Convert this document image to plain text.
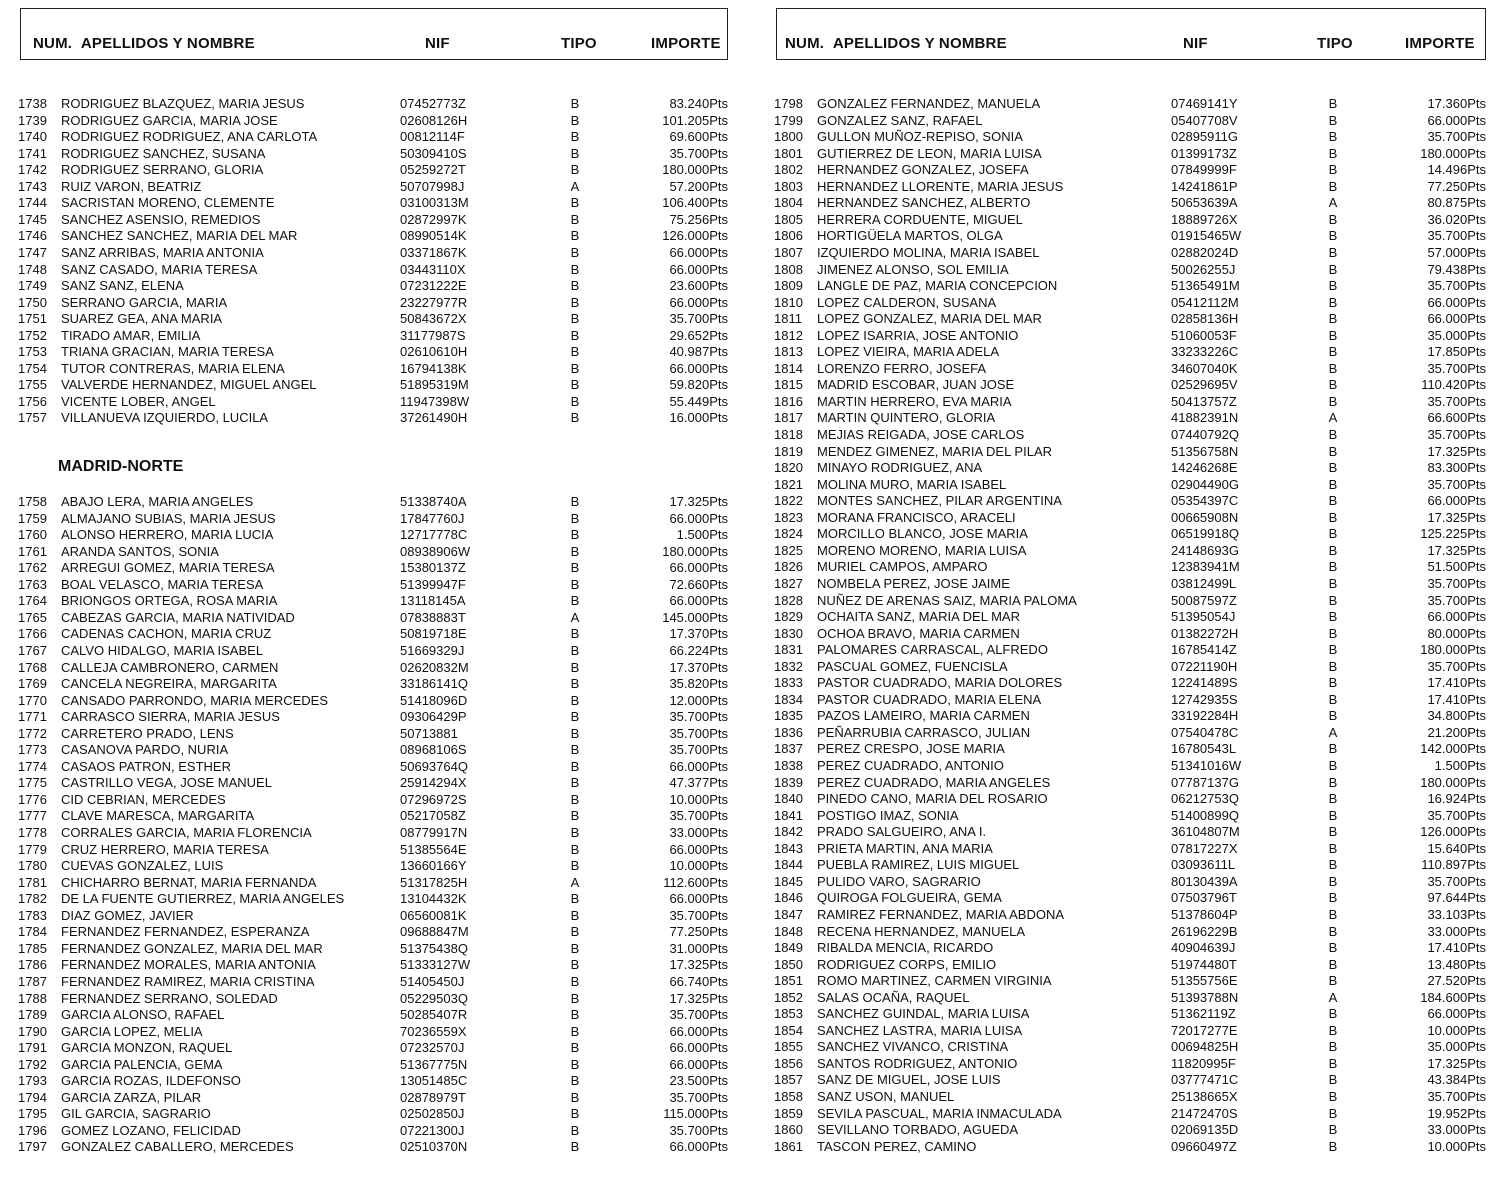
NUM. APELLIDOS Y NOMBRE	NIF	TIPO	IMPORTE
1738	RODRIGUEZ BLAZQUEZ, MARIA JESUS	07452773Z	B	83.240Pts
1739	RODRIGUEZ GARCIA, MARIA JOSE	02608126H	B	101.205Pts
1740	RODRIGUEZ RODRIGUEZ, ANA CARLOTA	00812114F	B	69.600Pts
1741	RODRIGUEZ SANCHEZ, SUSANA	50309410S	B	35.700Pts
1742	RODRIGUEZ SERRANO, GLORIA	05259272T	B	180.000Pts
1743	RUIZ VARON, BEATRIZ	50707998J	A	57.200Pts
1744	SACRISTAN MORENO, CLEMENTE	03100313M	B	106.400Pts
1745	SANCHEZ ASENSIO, REMEDIOS	02872997K	B	75.256Pts
1746	SANCHEZ SANCHEZ, MARIA DEL MAR	08990514K	B	126.000Pts
1747	SANZ ARRIBAS, MARIA ANTONIA	03371867K	B	66.000Pts
1748	SANZ CASADO, MARIA TERESA	03443110X	B	66.000Pts
1749	SANZ SANZ, ELENA	07231222E	B	23.600Pts
1750	SERRANO GARCIA, MARIA	23227977R	B	66.000Pts
1751	SUAREZ GEA, ANA MARIA	50843672X	B	35.700Pts
1752	TIRADO AMAR, EMILIA	31177987S	B	29.652Pts
1753	TRIANA GRACIAN, MARIA TERESA	02610610H	B	40.987Pts
1754	TUTOR CONTRERAS, MARIA ELENA	16794138K	B	66.000Pts
1755	VALVERDE HERNANDEZ, MIGUEL ANGEL	51895319M	B	59.820Pts
1756	VICENTE LOBER, ANGEL	11947398W	B	55.449Pts
1757	VILLANUEVA IZQUIERDO, LUCILA	37261490H	B	16.000Pts
MADRID-NORTE
1758	ABAJO LERA, MARIA ANGELES	51338740A	B	17.325Pts
1759	ALMAJANO SUBIAS, MARIA JESUS	17847760J	B	66.000Pts
1760	ALONSO HERRERO, MARIA LUCIA	12717778C	B	1.500Pts
1761	ARANDA SANTOS, SONIA	08938906W	B	180.000Pts
1762	ARREGUI GOMEZ, MARIA TERESA	15380137Z	B	66.000Pts
1763	BOAL VELASCO, MARIA TERESA	51399947F	B	72.660Pts
1764	BRIONGOS ORTEGA, ROSA MARIA	13118145A	B	66.000Pts
1765	CABEZAS GARCIA, MARIA NATIVIDAD	07838883T	A	145.000Pts
1766	CADENAS CACHON, MARIA CRUZ	50819718E	B	17.370Pts
1767	CALVO HIDALGO, MARIA ISABEL	51669329J	B	66.224Pts
1768	CALLEJA CAMBRONERO, CARMEN	02620832M	B	17.370Pts
1769	CANCELA NEGREIRA, MARGARITA	33186141Q	B	35.820Pts
1770	CANSADO PARRONDO, MARIA MERCEDES	51418096D	B	12.000Pts
1771	CARRASCO SIERRA, MARIA JESUS	09306429P	B	35.700Pts
1772	CARRETERO PRADO, LENS	50713881	B	35.700Pts
1773	CASANOVA PARDO, NURIA	08968106S	B	35.700Pts
1774	CASAOS PATRON, ESTHER	50693764Q	B	66.000Pts
1775	CASTRILLO VEGA, JOSE MANUEL	25914294X	B	47.377Pts
1776	CID CEBRIAN, MERCEDES	07296972S	B	10.000Pts
1777	CLAVE MARESCA, MARGARITA	05217058Z	B	35.700Pts
1778	CORRALES GARCIA, MARIA FLORENCIA	08779917N	B	33.000Pts
1779	CRUZ HERRERO, MARIA TERESA	51385564E	B	66.000Pts
1780	CUEVAS GONZALEZ, LUIS	13660166Y	B	10.000Pts
1781	CHICHARRO BERNAT, MARIA FERNANDA	51317825H	A	112.600Pts
1782	DE LA FUENTE GUTIERREZ, MARIA ANGELES	13104432K	B	66.000Pts
1783	DIAZ GOMEZ, JAVIER	06560081K	B	35.700Pts
1784	FERNANDEZ FERNANDEZ, ESPERANZA	09688847M	B	77.250Pts
1785	FERNANDEZ GONZALEZ, MARIA DEL MAR	51375438Q	B	31.000Pts
1786	FERNANDEZ MORALES, MARIA ANTONIA	51333127W	B	17.325Pts
1787	FERNANDEZ RAMIREZ, MARIA CRISTINA	51405450J	B	66.740Pts
1788	FERNANDEZ SERRANO, SOLEDAD	05229503Q	B	17.325Pts
1789	GARCIA ALONSO, RAFAEL	50285407R	B	35.700Pts
1790	GARCIA LOPEZ, MELIA	70236559X	B	66.000Pts
1791	GARCIA MONZON, RAQUEL	07232570J	B	66.000Pts
1792	GARCIA PALENCIA, GEMA	51367775N	B	66.000Pts
1793	GARCIA ROZAS, ILDEFONSO	13051485C	B	23.500Pts
1794	GARCIA ZARZA, PILAR	02878979T	B	35.700Pts
1795	GIL GARCIA, SAGRARIO	02502850J	B	115.000Pts
1796	GOMEZ LOZANO, FELICIDAD	07221300J	B	35.700Pts
1797	GONZALEZ CABALLERO, MERCEDES	02510370N	B	66.000Pts
NUM. APELLIDOS Y NOMBRE	NIF	TIPO	IMPORTE
1798	GONZALEZ FERNANDEZ, MANUELA	07469141Y	B	17.360Pts
1799	GONZALEZ SANZ, RAFAEL	05407708V	B	66.000Pts
1800	GULLON MUÑOZ-REPISO, SONIA	02895911G	B	35.700Pts
1801	GUTIERREZ DE LEON, MARIA LUISA	01399173Z	B	180.000Pts
1802	HERNANDEZ GONZALEZ, JOSEFA	07849999F	B	14.496Pts
1803	HERNANDEZ LLORENTE, MARIA JESUS	14241861P	B	77.250Pts
1804	HERNANDEZ SANCHEZ, ALBERTO	50653639A	A	80.875Pts
1805	HERRERA CORDUENTE, MIGUEL	18889726X	B	36.020Pts
1806	HORTIGÜELA MARTOS, OLGA	01915465W	B	35.700Pts
1807	IZQUIERDO MOLINA, MARIA ISABEL	02882024D	B	57.000Pts
1808	JIMENEZ ALONSO, SOL EMILIA	50026255J	B	79.438Pts
1809	LANGLE DE PAZ, MARIA CONCEPCION	51365491M	B	35.700Pts
1810	LOPEZ CALDERON, SUSANA	05412112M	B	66.000Pts
1811	LOPEZ GONZALEZ, MARIA DEL MAR	02858136H	B	66.000Pts
1812	LOPEZ ISARRIA, JOSE ANTONIO	51060053F	B	35.000Pts
1813	LOPEZ VIEIRA, MARIA ADELA	33233226C	B	17.850Pts
1814	LORENZO FERRO, JOSEFA	34607040K	B	35.700Pts
1815	MADRID ESCOBAR, JUAN JOSE	02529695V	B	110.420Pts
1816	MARTIN HERRERO, EVA MARIA	50413757Z	B	35.700Pts
1817	MARTIN QUINTERO, GLORIA	41882391N	A	66.600Pts
1818	MEJIAS REIGADA, JOSE CARLOS	07440792Q	B	35.700Pts
1819	MENDEZ GIMENEZ, MARIA DEL PILAR	51356758N	B	17.325Pts
1820	MINAYO RODRIGUEZ, ANA	14246268E	B	83.300Pts
1821	MOLINA MURO, MARIA ISABEL	02904490G	B	35.700Pts
1822	MONTES SANCHEZ, PILAR ARGENTINA	05354397C	B	66.000Pts
1823	MORANA FRANCISCO, ARACELI	00665908N	B	17.325Pts
1824	MORCILLO BLANCO, JOSE MARIA	06519918Q	B	125.225Pts
1825	MORENO MORENO, MARIA LUISA	24148693G	B	17.325Pts
1826	MURIEL CAMPOS, AMPARO	12383941M	B	51.500Pts
1827	NOMBELA PEREZ, JOSE JAIME	03812499L	B	35.700Pts
1828	NUÑEZ DE ARENAS SAIZ, MARIA PALOMA	50087597Z	B	35.700Pts
1829	OCHAITA SANZ, MARIA DEL MAR	51395054J	B	66.000Pts
1830	OCHOA BRAVO, MARIA CARMEN	01382272H	B	80.000Pts
1831	PALOMARES CARRASCAL, ALFREDO	16785414Z	B	180.000Pts
1832	PASCUAL GOMEZ, FUENCISLA	07221190H	B	35.700Pts
1833	PASTOR CUADRADO, MARIA DOLORES	12241489S	B	17.410Pts
1834	PASTOR CUADRADO, MARIA ELENA	12742935S	B	17.410Pts
1835	PAZOS LAMEIRO, MARIA CARMEN	33192284H	B	34.800Pts
1836	PEÑARRUBIA CARRASCO, JULIAN	07540478C	A	21.200Pts
1837	PEREZ CRESPO, JOSE MARIA	16780543L	B	142.000Pts
1838	PEREZ CUADRADO, ANTONIO	51341016W	B	1.500Pts
1839	PEREZ CUADRADO, MARIA ANGELES	07787137G	B	180.000Pts
1840	PINEDO CANO, MARIA DEL ROSARIO	06212753Q	B	16.924Pts
1841	POSTIGO IMAZ, SONIA	51400899Q	B	35.700Pts
1842	PRADO SALGUEIRO, ANA I.	36104807M	B	126.000Pts
1843	PRIETA MARTIN, ANA MARIA	07817227X	B	15.640Pts
1844	PUEBLA RAMIREZ, LUIS MIGUEL	03093611L	B	110.897Pts
1845	PULIDO VARO, SAGRARIO	80130439A	B	35.700Pts
1846	QUIROGA FOLGUEIRA, GEMA	07503796T	B	97.644Pts
1847	RAMIREZ FERNANDEZ, MARIA ABDONA	51378604P	B	33.103Pts
1848	RECENA HERNANDEZ, MANUELA	26196229B	B	33.000Pts
1849	RIBALDA MENCIA, RICARDO	40904639J	B	17.410Pts
1850	RODRIGUEZ CORPS, EMILIO	51974480T	B	13.480Pts
1851	ROMO MARTINEZ, CARMEN VIRGINIA	51355756E	B	27.520Pts
1852	SALAS OCAÑA, RAQUEL	51393788N	A	184.600Pts
1853	SANCHEZ GUINDAL, MARIA LUISA	51362119Z	B	66.000Pts
1854	SANCHEZ LASTRA, MARIA LUISA	72017277E	B	10.000Pts
1855	SANCHEZ VIVANCO, CRISTINA	00694825H	B	35.000Pts
1856	SANTOS RODRIGUEZ, ANTONIO	11820995F	B	17.325Pts
1857	SANZ DE MIGUEL, JOSE LUIS	03777471C	B	43.384Pts
1858	SANZ USON, MANUEL	25138665X	B	35.700Pts
1859	SEVILA PASCUAL, MARIA INMACULADA	21472470S	B	19.952Pts
1860	SEVILLANO TORBADO, AGUEDA	02069135D	B	33.000Pts
1861	TASCON PEREZ, CAMINO	09660497Z	B	10.000Pts
